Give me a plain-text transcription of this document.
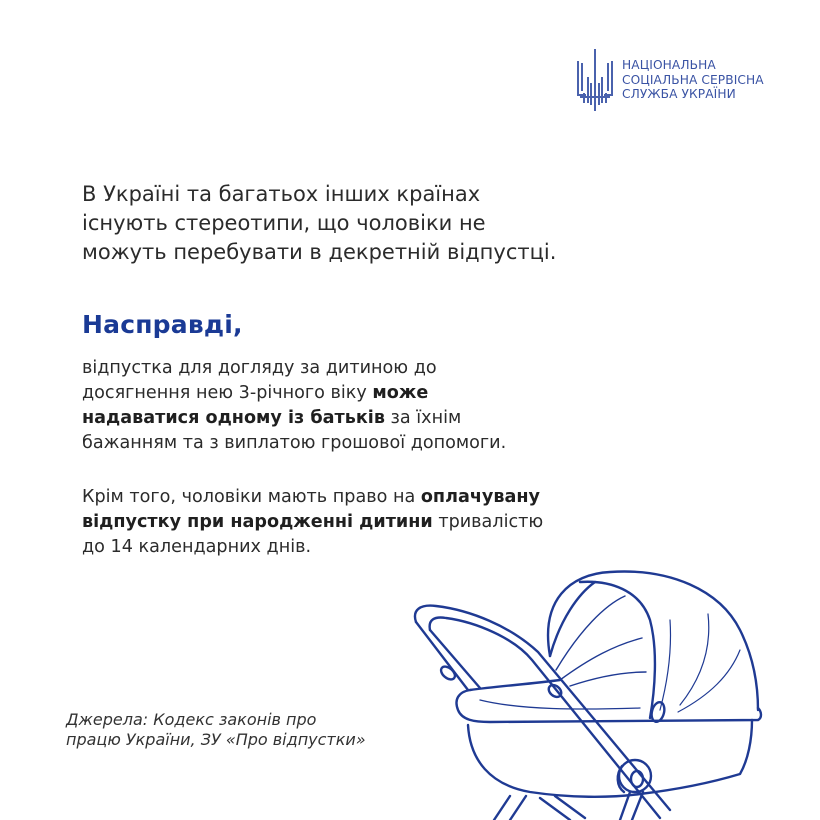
НАЦІОНАЛЬНА
СОЦІАЛЬНА СЕРВІСНА
СЛУЖБА УКРАЇНИ
В Україні та багатьох інших країнах
існують стереотипи, що чоловіки не
можуть перебувати в декретній відпустці.
Насправді,
відпустка для догляду за дитиною до
досягнення нею 3-річного віку може
надаватися одному із батьків за їхнім
бажанням та з виплатою грошової допомоги.
Крім того, чоловіки мають право на оплачувану
відпустку при народженні дитини тривалістю
до 14 календарних днів.
Джерела: Кодекс законів про
працю України, ЗУ «Про відпустки»
